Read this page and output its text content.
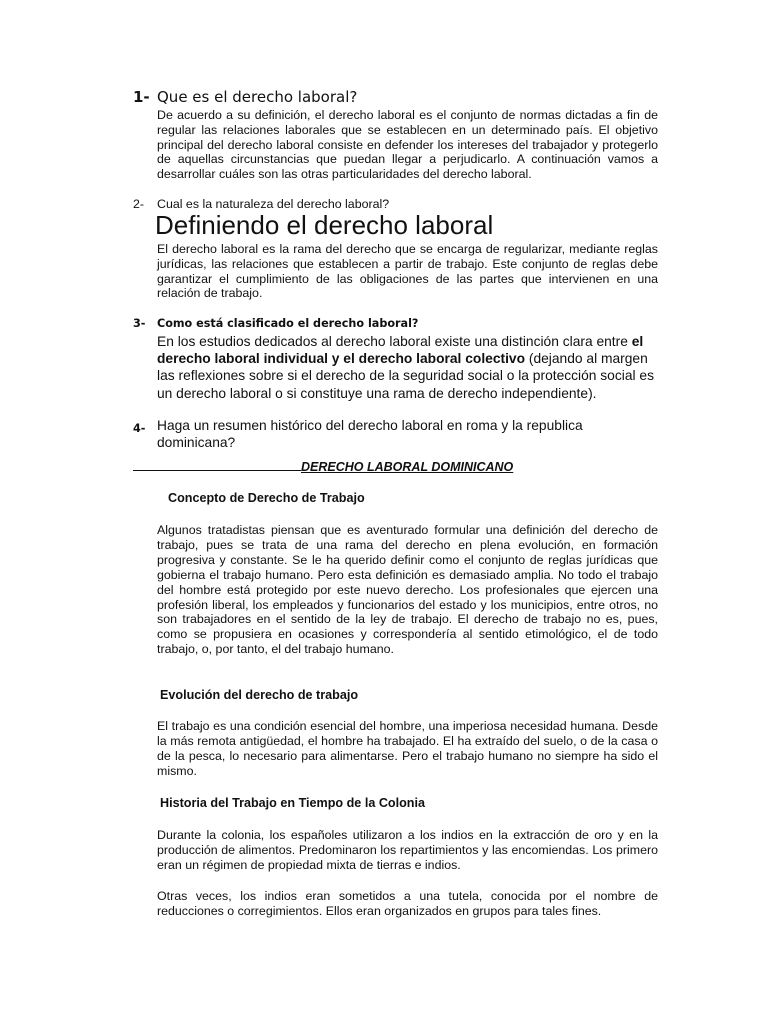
1- Que es el derecho laboral?
De acuerdo a su definición, el derecho laboral es el conjunto de normas dictadas a fin de regular las relaciones laborales que se establecen en un determinado país. El objetivo principal del derecho laboral consiste en defender los intereses del trabajador y protegerlo de aquellas circunstancias que puedan llegar a perjudicarlo. A continuación vamos a desarrollar cuáles son las otras particularidades del derecho laboral.
2- Cual es la naturaleza del derecho laboral?
Definiendo el derecho laboral
El derecho laboral es la rama del derecho que se encarga de regularizar, mediante reglas jurídicas, las relaciones que establecen a partir de trabajo. Este conjunto de reglas debe garantizar el cumplimiento de las obligaciones de las partes que intervienen en una relación de trabajo.
3- Como está clasificado el derecho laboral?
En los estudios dedicados al derecho laboral existe una distinción clara entre el derecho laboral individual y el derecho laboral colectivo (dejando al margen las reflexiones sobre si el derecho de la seguridad social o la protección social es un derecho laboral o si constituye una rama de derecho independiente).
4- Haga un resumen histórico del derecho laboral en roma y la republica dominicana?
DERECHO LABORAL DOMINICANO
Concepto de Derecho de Trabajo
Algunos tratadistas piensan que es aventurado formular una definición del derecho de trabajo, pues se trata de una rama del derecho en plena evolución, en formación progresiva y constante. Se le ha querido definir como el conjunto de reglas jurídicas que gobierna el trabajo humano. Pero esta definición es demasiado amplia. No todo el trabajo del hombre está protegido por este nuevo derecho. Los profesionales que ejercen una profesión liberal, los empleados y funcionarios del estado y los municipios, entre otros, no son trabajadores en el sentido de la ley de trabajo. El derecho de trabajo no es, pues, como se propusiera en ocasiones y correspondería al sentido etimológico, el de todo trabajo, o, por tanto, el del trabajo humano.
Evolución del derecho de trabajo
El trabajo es una condición esencial del hombre, una imperiosa necesidad humana. Desde la más remota antigüedad, el hombre ha trabajado. El ha extraído del suelo, o de la casa o de la pesca, lo necesario para alimentarse. Pero el trabajo humano no siempre ha sido el mismo.
Historia del Trabajo en Tiempo de la Colonia
Durante la colonia, los españoles utilizaron a los indios en la extracción de oro y en la producción de alimentos. Predominaron los repartimientos y las encomiendas. Los primero eran un régimen de propiedad mixta de tierras e indios.
Otras veces, los indios eran sometidos a una tutela, conocida por el nombre de reducciones o corregimientos. Ellos eran organizados en grupos para tales fines.
